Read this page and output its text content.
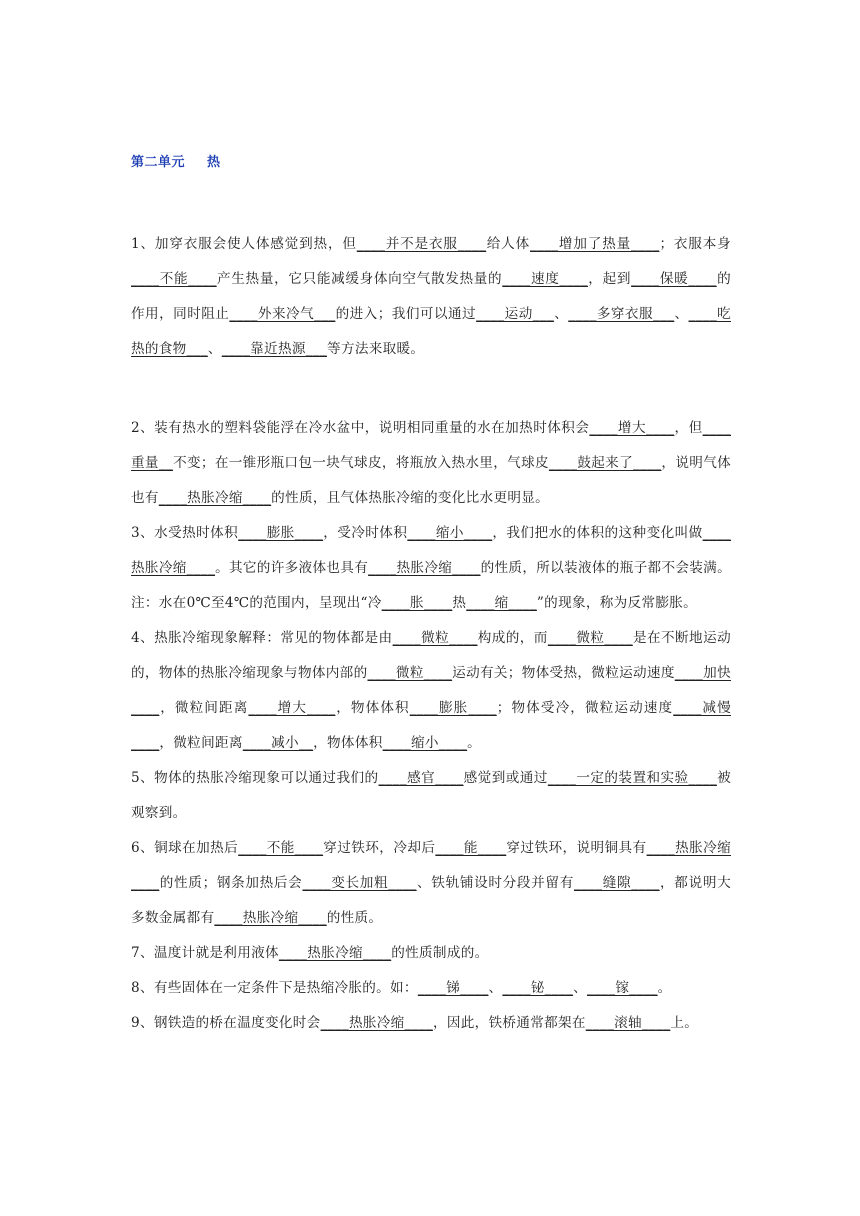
第二单元 热

1、加穿衣服会使人体感觉到热，但____并不是衣服____给人体____增加了热量____；衣服本身____不能____产生热量，它只能减缓身体向空气散发热量的____速度____，起到____保暖____的作用，同时阻止____外来冷气___的进入；我们可以通过____运动___、____多穿衣服___、____吃热的食物___、____靠近热源___等方法来取暖。

2、装有热水的塑料袋能浮在冷水盆中，说明相同重量的水在加热时体积会____增大____，但____重量__不变；在一锥形瓶口包一块气球皮，将瓶放入热水里，气球皮____鼓起来了____，说明气体也有____热胀冷缩____的性质，且气体热胀冷缩的变化比水更明显。

3、水受热时体积____膨胀____，受冷时体积____缩小____，我们把水的体积的这种变化叫做____热胀冷缩____。其它的许多液体也具有____热胀冷缩____的性质，所以装液体的瓶子都不会装满。注：水在0℃至4℃的范围内，呈现出“冷____胀____热____缩____”的现象，称为反常膨胀。

4、热胀冷缩现象解释：常见的物体都是由____微粒____构成的，而____微粒____是在不断地运动的，物体的热胀冷缩现象与物体内部的____微粒____运动有关；物体受热，微粒运动速度____加快____，微粒间距离____增大____，物体体积____膨胀____；物体受冷，微粒运动速度____减慢____，微粒间距离____减小__，物体体积____缩小____。

5、物体的热胀冷缩现象可以通过我们的____感官____感觉到或通过____一定的装置和实验____被观察到。

6、铜球在加热后____不能____穿过铁环，冷却后____能____穿过铁环，说明铜具有____热胀冷缩____的性质；钢条加热后会____变长加粗____、铁轨铺设时分段并留有____缝隙____，都说明大多数金属都有____热胀冷缩____的性质。

7、温度计就是利用液体____热胀冷缩____的性质制成的。

8、有些固体在一定条件下是热缩冷胀的。如：____锑____、____铋____、____镓____。

9、钢铁造的桥在温度变化时会____热胀冷缩____，因此，铁桥通常都架在____滚轴____上。
